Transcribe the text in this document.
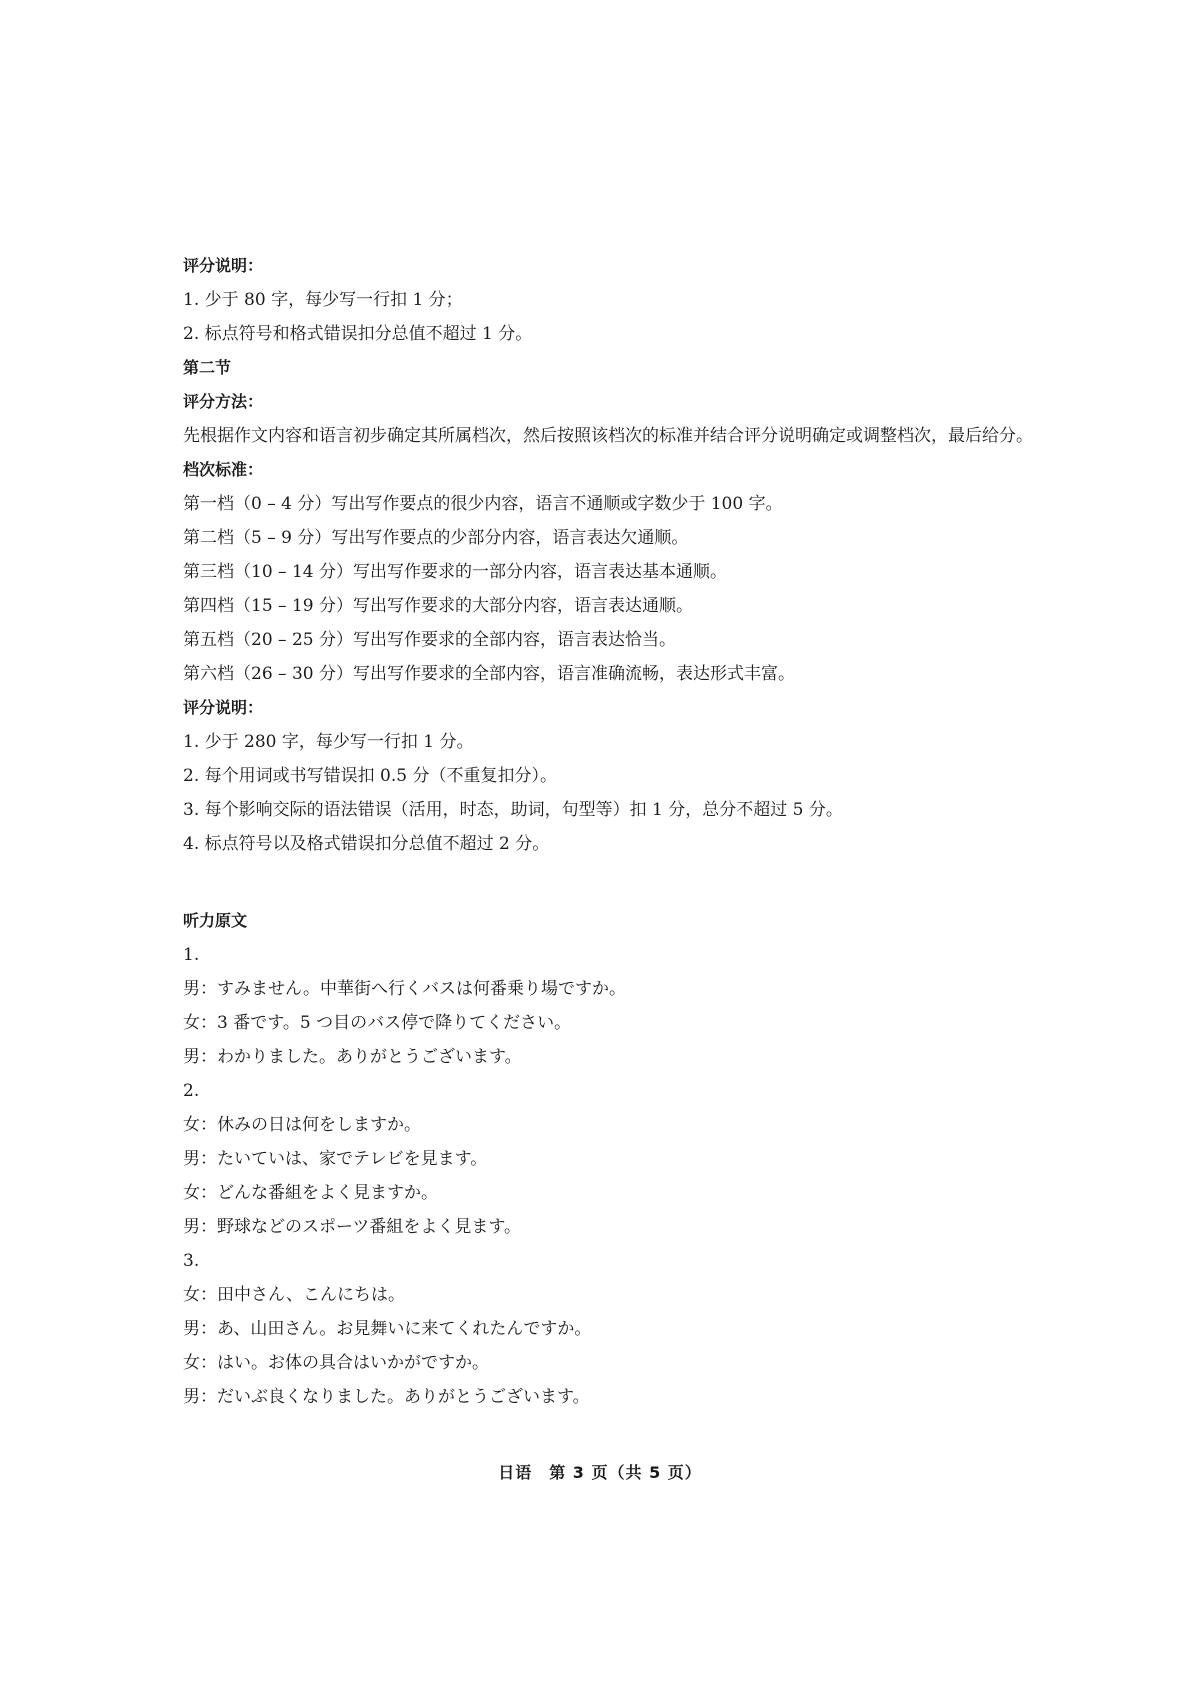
评分说明：
1. 少于 80 字，每少写一行扣 1 分；
2. 标点符号和格式错误扣分总值不超过 1 分。
第二节
评分方法：
先根据作文内容和语言初步确定其所属档次，然后按照该档次的标准并结合评分说明确定或调整档次，最后给分。
档次标准：
第一档（0 – 4 分）写出写作要点的很少内容，语言不通顺或字数少于 100 字。
第二档（5 – 9 分）写出写作要点的少部分内容，语言表达欠通顺。
第三档（10 – 14 分）写出写作要求的一部分内容，语言表达基本通顺。
第四档（15 – 19 分）写出写作要求的大部分内容，语言表达通顺。
第五档（20 – 25 分）写出写作要求的全部内容，语言表达恰当。
第六档（26 – 30 分）写出写作要求的全部内容，语言准确流畅，表达形式丰富。
评分说明：
1. 少于 280 字，每少写一行扣 1 分。
2. 每个用词或书写错误扣 0.5 分（不重复扣分）。
3. 每个影响交际的语法错误（活用，时态，助词，句型等）扣 1 分，总分不超过 5 分。
4. 标点符号以及格式错误扣分总值不超过 2 分。
听力原文
1.
男：すみません。中華街へ行くバスは何番乗り場ですか。
女：3 番です。5 つ目のバス停で降りてください。
男：わかりました。ありがとうございます。
2.
女：休みの日は何をしますか。
男：たいていは、家でテレビを見ます。
女：どんな番組をよく見ますか。
男：野球などのスポーツ番組をよく見ます。
3.
女：田中さん、こんにちは。
男：あ、山田さん。お見舞いに来てくれたんですか。
女：はい。お体の具合はいかがですか。
男：だいぶ良くなりました。ありがとうございます。
日语　第 3 页（共 5 页）
